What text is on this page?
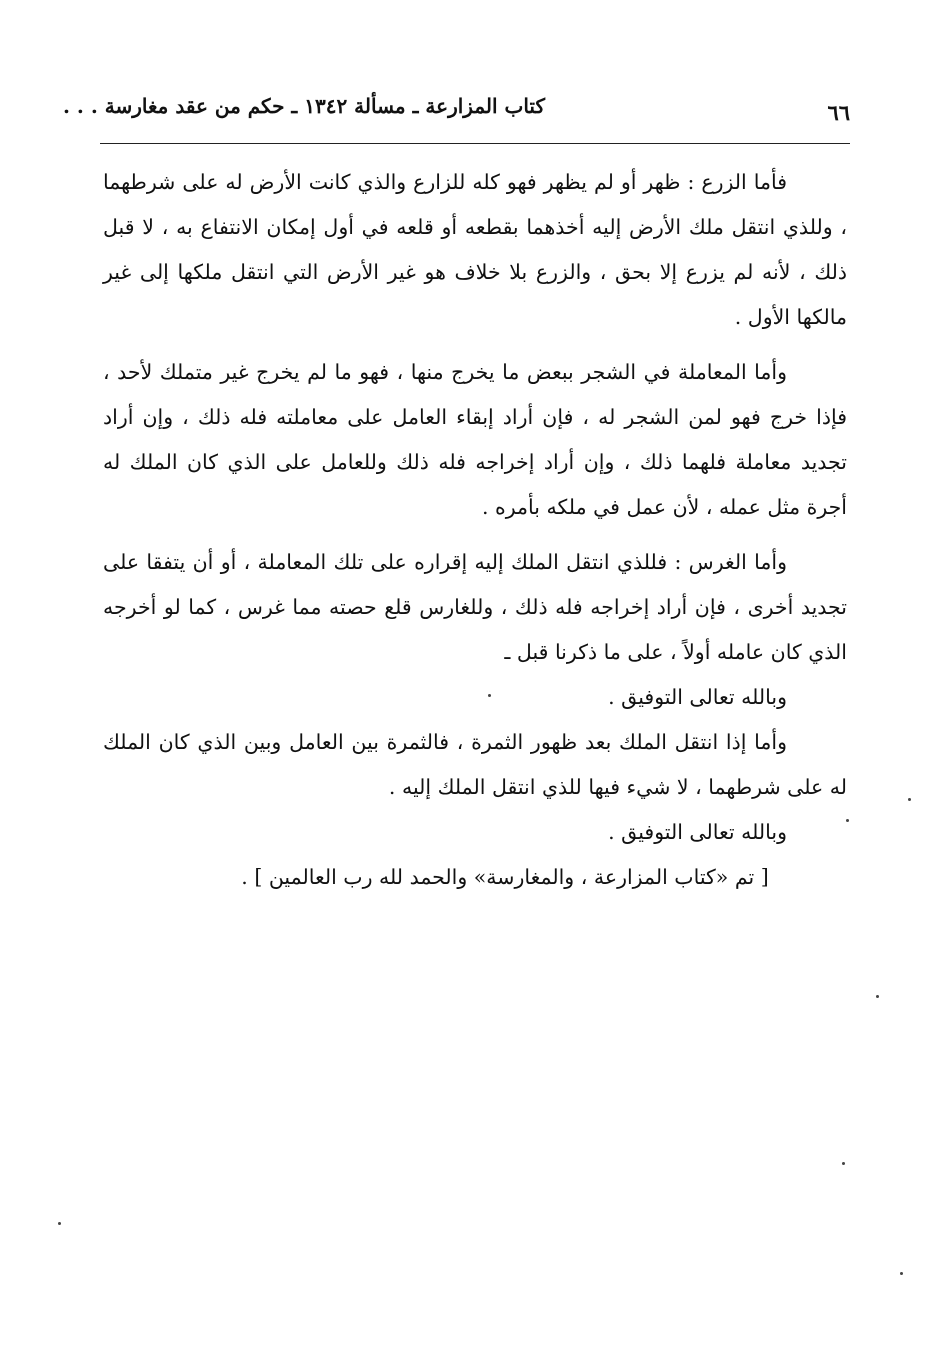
٦٦
كتاب المزارعة ـ مسألة ١٣٤٢ ـ حكم من عقد مغارسة . . .

فأما الزرع : ظهر أو لم يظهر فهو كله للزارع والذي كانت الأرض له على شرطهما ، وللذي انتقل ملك الأرض إليه أخذهما بقطعه أو قلعه في أول إمكان الانتفاع به ، لا قبل ذلك ، لأنه لم يزرع إلا بحق ، والزرع بلا خلاف هو غير الأرض التي انتقل ملكها إلى غير مالكها الأول .

وأما المعاملة في الشجر ببعض ما يخرج منها ، فهو ما لم يخرج غير متملك لأحد ، فإذا خرج فهو لمن الشجر له ، فإن أراد إبقاء العامل على معاملته فله ذلك ، وإن أراد تجديد معاملة فلهما ذلك ، وإن أراد إخراجه فله ذلك وللعامل على الذي كان الملك له أجرة مثل عمله ، لأن عمل في ملكه بأمره .

وأما الغرس : فللذي انتقل الملك إليه إقراره على تلك المعاملة ، أو أن يتفقا على تجديد أخرى ، فإن أراد إخراجه فله ذلك ، وللغارس قلع حصته مما غرس ، كما لو أخرجه الذي كان عامله أولاً ، على ما ذكرنا قبل ـ

وبالله تعالى التوفيق .

وأما إذا انتقل الملك بعد ظهور الثمرة ، فالثمرة بين العامل وبين الذي كان الملك له على شرطهما ، لا شيء فيها للذي انتقل الملك إليه .

وبالله تعالى التوفيق .

[ تم «كتاب المزارعة ، والمغارسة» والحمد لله رب العالمين ] .
